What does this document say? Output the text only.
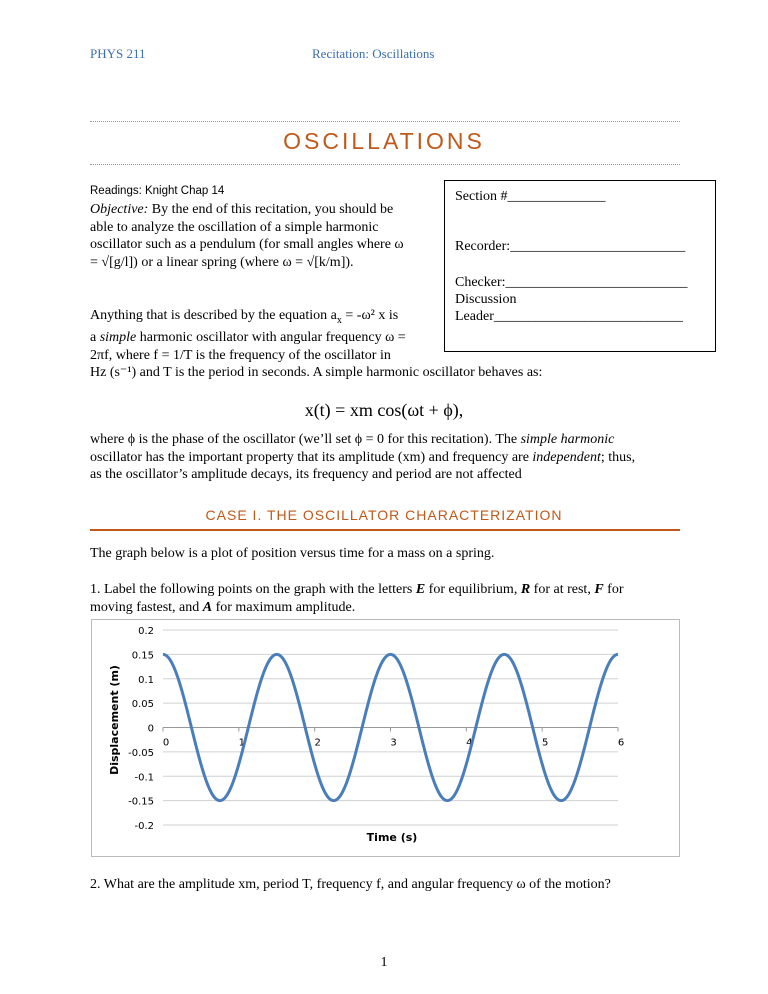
PHYS 211	Recitation: Oscillations
OSCILLATIONS
Readings: Knight Chap 14
Objective: By the end of this recitation, you should be
able to analyze the oscillation of a simple harmonic
oscillator such as a pendulum (for small angles where ω
= √[g/l]) or a linear spring (where ω = √[k/m]).
Section #______________
Recorder:_________________________
Checker:__________________________
Discussion
Leader___________________________
Anything that is described by the equation $a_x = -\omega^2$ x is
a simple harmonic oscillator with angular frequency ω =
2πf, where f = 1/T is the frequency of the oscillator in
Hz (s⁻¹) and T is the period in seconds. A simple harmonic oscillator behaves as:
x(t) = xm cos(ωt + ϕ),
where ϕ is the phase of the oscillator (we’ll set ϕ = 0 for this recitation). The simple harmonic
oscillator has the important property that its amplitude (xm) and frequency are independent; thus,
as the oscillator’s amplitude decays, its frequency and period are not affected
CASE I. THE OSCILLATOR CHARACTERIZATION
The graph below is a plot of position versus time for a mass on a spring.
1. Label the following points on the graph with the letters E for equilibrium, R for at rest, F for
moving fastest, and A for maximum amplitude.
0.2
0.15
0.1
0.05
0
-0.05
-0.1
-0.15
-0.2
0	1	2	3	4	5	6
Time (s)
Displacement (m)
2. What are the amplitude xm, period T, frequency f, and angular frequency ω of the motion?
1
